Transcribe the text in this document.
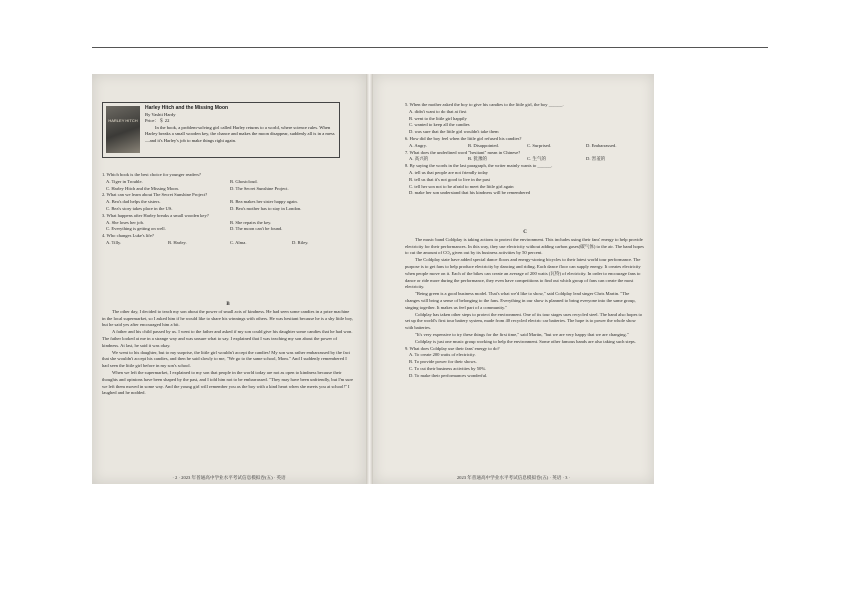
HARLEY HITCH
Harley Hitch and the Missing Moon
By Vashti Hardy
Price：＄ 22
In the book, a problem-solving girl called Harley returns to a world, where science rules. When Harley breaks a small wooden key, the chance and makes the moon disappear, suddenly all is in a mess—and it's Harley's job to make things right again.

1. Which book is the best choice for younger readers?

A. Tiger in Trouble.	B. Ghostcloud.
C. Harley Hitch and the Missing Moon.	D. The Secret Sunshine Project.

2. What can we learn about The Secret Sunshine Project?

A. Bea's dad helps the sisters.	B. Bea makes her sister happy again.
C. Bea's story takes place in the US.	D. Bea's mother has to stay in London.

3. What happens after Harley breaks a small wooden key?

A. She loses her job.	B. She repairs the key.
C. Everything is getting on well.	D. The moon can't be found.

4. Who changes Luke's life?

A. Tilly.	B. Harley.	C. Alma.	D. Riley.

B

The other day, I decided to teach my son about the power of small acts of kindness. He had seen some candies in a prize machine in the local supermarket, so I asked him if he would like to share his winnings with others. He was hesitant because he is a shy little boy, but he said yes after encouraged him a bit.

A father and his child passed by us. I went to the father and asked if my son could give his daughter some candies that he had won. The father looked at me in a strange way and was unsure what to say. I explained that I was teaching my son about the power of kindness. At last, he said it was okay.

We went to his daughter, but to my surprise, the little girl wouldn't accept the candies! My son was rather embarrassed by the fact that she wouldn't accept his candies, and then he said slowly to me, "We go to the same school, Mom." And I suddenly remembered I had seen the little girl before in my son's school.

When we left the supermarket, I explained to my son that people in the world today are not as open to kindness because their thoughts and opinions have been shaped by the past, and I told him not to be embarrassed. "They may have been unfriendly, but I'm sure we left them moved in some way. And the young girl will remember you as the boy with a kind heart when she meets you at school!" I laughed and he nodded.

· 2 · 2023 年普通高中学业水平考试信息模拟卷(五) · 英语

5. When the mother asked the boy to give his candies to the little girl, the boy ______.

A. didn't want to do that at first
B. went to the little girl happily
C. wanted to keep all the candies
D. was sure that the little girl wouldn't take them

6. How did the boy feel when the little girl refused his candies?

A. Angry.	B. Disappointed.	C. Surprised.	D. Embarrassed.

7. What does the underlined word "hesitant" mean in Chinese?

A. 高兴的	B. 犹豫的	C. 生气的	D. 害羞的

8. By saying the words in the last paragraph, the writer mainly wants to ______.

A. tell us that people are not friendly today
B. tell us that it's not good to live in the past
C. tell her son not to be afraid to meet the little girl again
D. make her son understand that his kindness will be remembered

C

The music band Coldplay is taking actions to protect the environment. This includes using their fans' energy to help provide electricity for their performances. In this way, they use electricity without adding carbon gases(碳气体) to the air. The band hopes to cut the amount of CO₂ given out by its business activities by 50 percent.

The Coldplay state have added special dance floors and energy-storing bicycles to their latest world tour performance. The purpose is to get fans to help produce electricity by dancing and riding. Each dance floor can supply energy. It creates electricity when people move on it. Each of the bikes can create an average of 200 watts (瓦特) of electricity. In order to encourage fans to dance or ride more during the performance, they even have competitions to find out which group of fans can create the most electricity.

"Being green is a good business model. That's what we'd like to show," said Coldplay lead singer Chris Martin. "The changes will bring a sense of belonging to the fans. Everything in our show is planned to bring everyone into the same group, singing together. It makes us feel part of a community."

Coldplay has taken other steps to protect the environment. One of its tour stages uses recycled steel. The band also hopes to set up the world's first tour battery system, made from 40 recycled electric car batteries. The hope is to power the whole show with batteries.

"It's very expensive to try these things for the first time," said Martin, "but we are very happy that we are changing."

Coldplay is just one music group working to help the environment. Some other famous bands are also taking such steps.

9. What does Coldplay use their fans' energy to do?

A. To create 200 watts of electricity.
B. To provide power for their shows.
C. To cut their business activities by 50%.
D. To make their performances wonderful.
2023 年普通高中学业水平考试信息模拟卷(五) · 英语 · 3 ·
